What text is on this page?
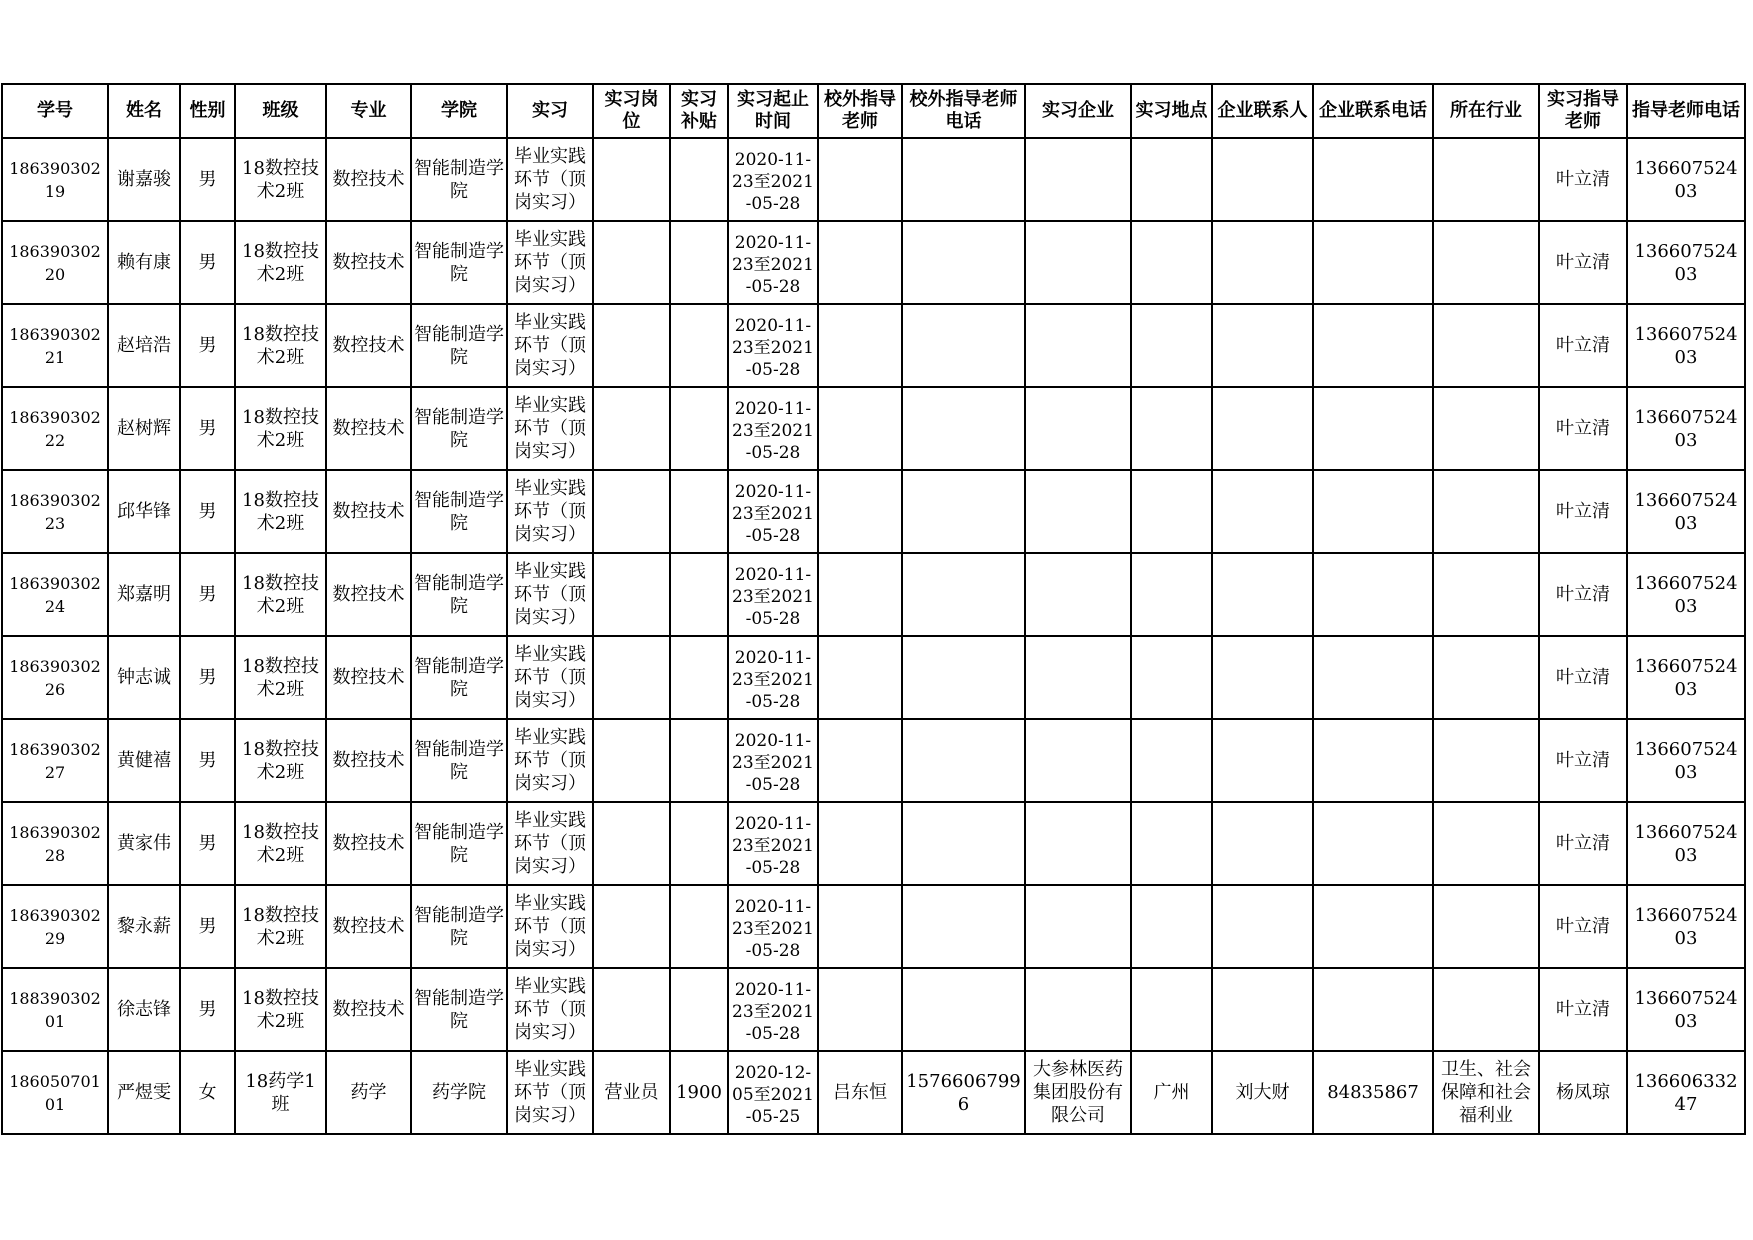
学号	姓名	性别	班级	专业	学院	实习	实习岗位	实习补贴	实习起止时间	校外指导老师	校外指导老师电话	实习企业	实习地点	企业联系人	企业联系电话	所在行业	实习指导老师	指导老师电话

18639030219	谢嘉骏	男	18数控技术2班	数控技术	智能制造学院	毕业实践环节（顶岗实习）			2020-11-23至2021-05-28								叶立清	13660752403

18639030220	赖有康	男	18数控技术2班	数控技术	智能制造学院	毕业实践环节（顶岗实习）			2020-11-23至2021-05-28								叶立清	13660752403

18639030221	赵培浩	男	18数控技术2班	数控技术	智能制造学院	毕业实践环节（顶岗实习）			2020-11-23至2021-05-28								叶立清	13660752403

18639030222	赵树辉	男	18数控技术2班	数控技术	智能制造学院	毕业实践环节（顶岗实习）			2020-11-23至2021-05-28								叶立清	13660752403

18639030223	邱华锋	男	18数控技术2班	数控技术	智能制造学院	毕业实践环节（顶岗实习）			2020-11-23至2021-05-28								叶立清	13660752403

18639030224	郑嘉明	男	18数控技术2班	数控技术	智能制造学院	毕业实践环节（顶岗实习）			2020-11-23至2021-05-28								叶立清	13660752403

18639030226	钟志诚	男	18数控技术2班	数控技术	智能制造学院	毕业实践环节（顶岗实习）			2020-11-23至2021-05-28								叶立清	13660752403

18639030227	黄健禧	男	18数控技术2班	数控技术	智能制造学院	毕业实践环节（顶岗实习）			2020-11-23至2021-05-28								叶立清	13660752403

18639030228	黄家伟	男	18数控技术2班	数控技术	智能制造学院	毕业实践环节（顶岗实习）			2020-11-23至2021-05-28								叶立清	13660752403

18639030229	黎永薪	男	18数控技术2班	数控技术	智能制造学院	毕业实践环节（顶岗实习）			2020-11-23至2021-05-28								叶立清	13660752403

18839030201	徐志锋	男	18数控技术2班	数控技术	智能制造学院	毕业实践环节（顶岗实习）			2020-11-23至2021-05-28								叶立清	13660752403

18605070101	严煜雯	女	18药学1班	药学	药学院	毕业实践环节（顶岗实习）	营业员	1900	2020-12-05至2021-05-25	吕东恒	15766067996	大参林医药集团股份有限公司	广州	刘大财	84835867	卫生、社会保障和社会福利业	杨凤琼	13660633247
